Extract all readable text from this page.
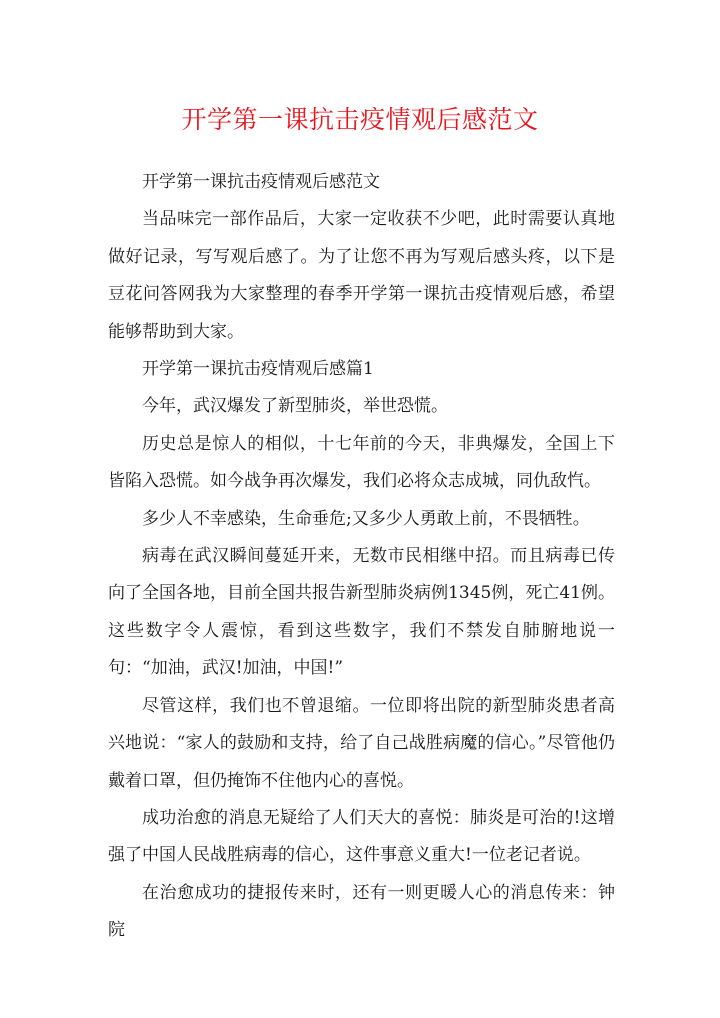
开学第一课抗击疫情观后感范文

开学第一课抗击疫情观后感范文

当品味完一部作品后，大家一定收获不少吧，此时需要认真地做好记录，写写观后感了。为了让您不再为写观后感头疼，以下是豆花问答网我为大家整理的春季开学第一课抗击疫情观后感，希望能够帮助到大家。

开学第一课抗击疫情观后感篇1

今年，武汉爆发了新型肺炎，举世恐慌。

历史总是惊人的相似，十七年前的今天，非典爆发，全国上下皆陷入恐慌。如今战争再次爆发，我们必将众志成城，同仇敌忾。

多少人不幸感染，生命垂危;又多少人勇敢上前，不畏牺牲。

病毒在武汉瞬间蔓延开来，无数市民相继中招。而且病毒已传向了全国各地，目前全国共报告新型肺炎病例1345例，死亡41例。这些数字令人震惊，看到这些数字，我们不禁发自肺腑地说一句：“加油，武汉!加油，中国!”

尽管这样，我们也不曾退缩。一位即将出院的新型肺炎患者高兴地说：“家人的鼓励和支持，给了自己战胜病魔的信心。”尽管他仍戴着口罩，但仍掩饰不住他内心的喜悦。

成功治愈的消息无疑给了人们天大的喜悦：肺炎是可治的!这增强了中国人民战胜病毒的信心，这件事意义重大!一位老记者说。

在治愈成功的捷报传来时，还有一则更暖人心的消息传来：钟院
